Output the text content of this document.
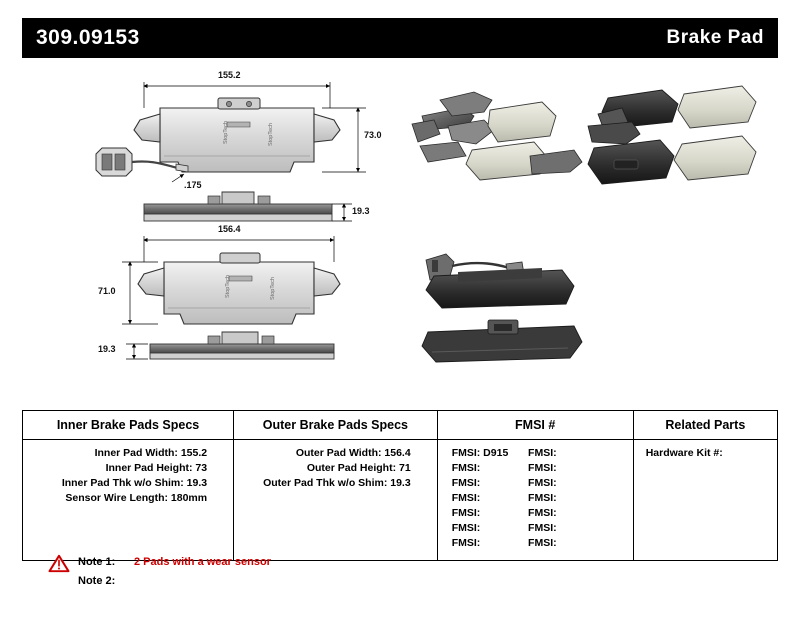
309.09153	Brake Pad
StopTech	StopTech
StopTech	StopTech
155.2
73.0
.175
19.3
156.4
71.0
19.3
Inner Brake Pads Specs	Outer Brake Pads Specs	FMSI #	Related Parts
Inner Pad Width: 155.2
Inner Pad Height: 73
Inner Pad Thk w/o Shim: 19.3
Sensor Wire Length: 180mm
Outer Pad Width: 156.4
Outer Pad Height: 71
Outer Pad Thk w/o Shim: 19.3
FMSI: D915	FMSI:
FMSI:	FMSI:
FMSI:	FMSI:
FMSI:	FMSI:
FMSI:	FMSI:
FMSI:	FMSI:
FMSI:	FMSI:
Hardware Kit #:
Note 1:	2 Pads with a wear sensor
Note 2:
